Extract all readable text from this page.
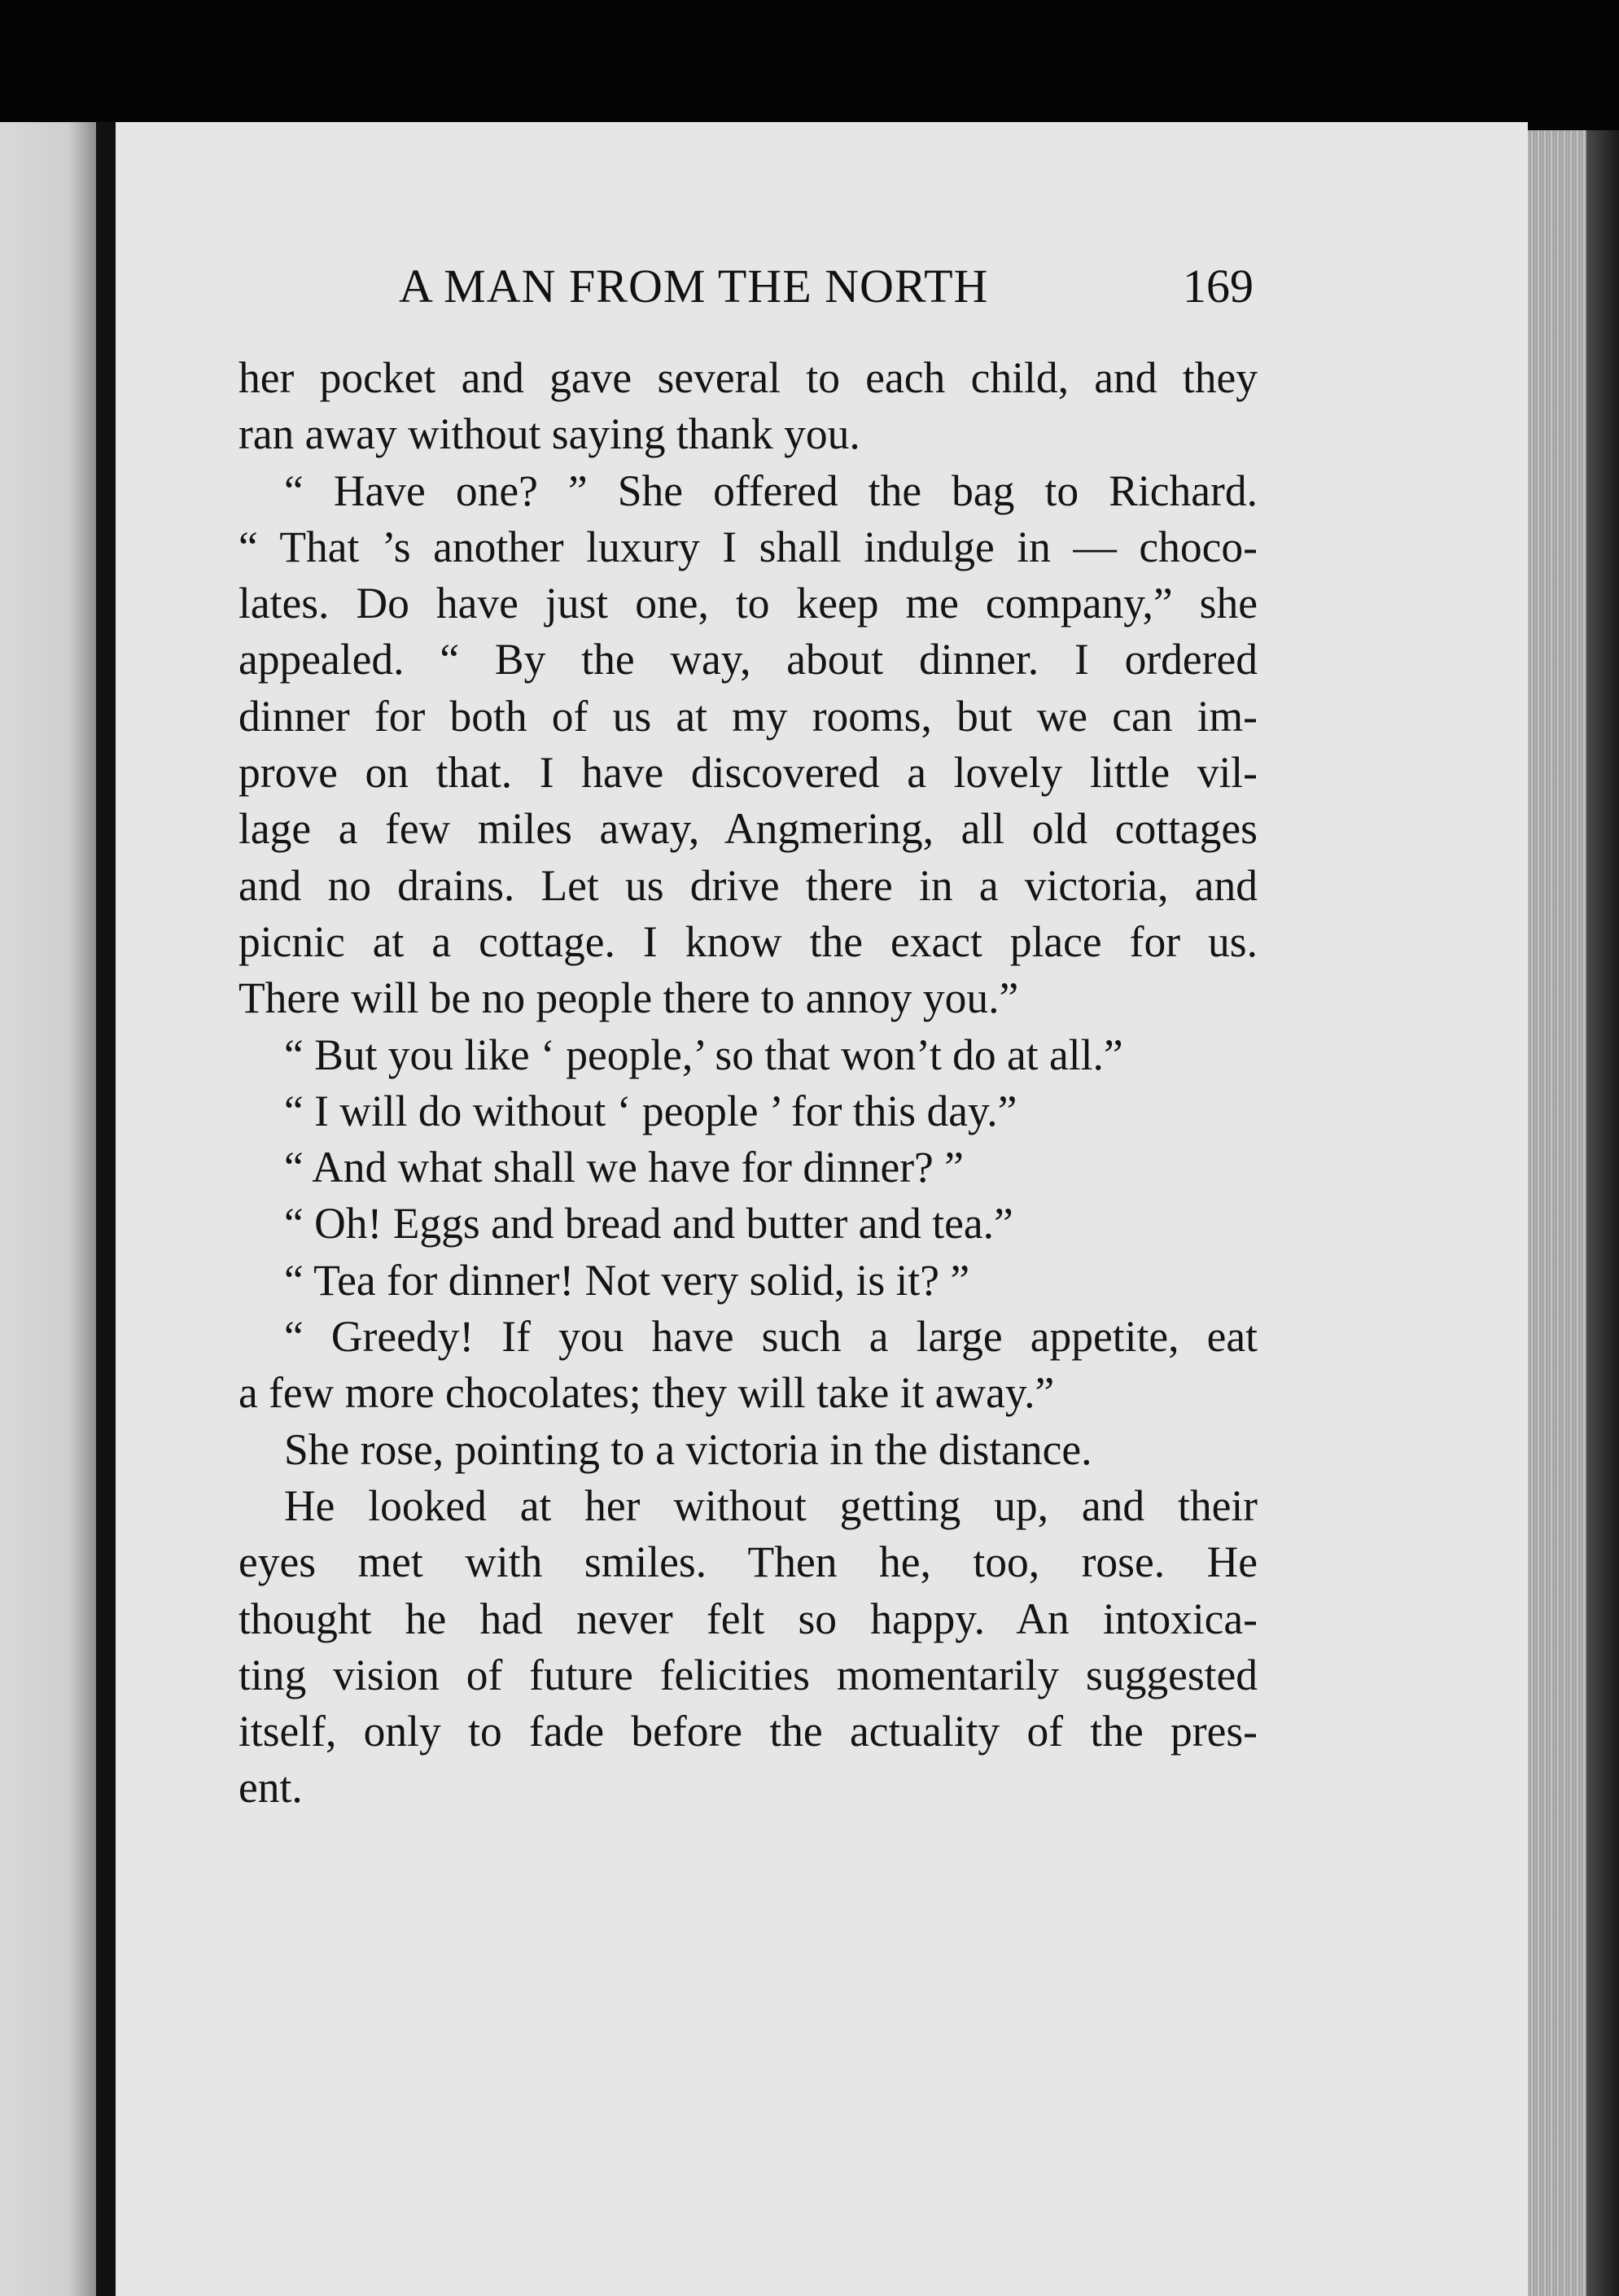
A MAN FROM THE NORTH	169
her pocket and gave several to each child, and they
ran away without saying thank you.
“ Have one? ” She offered the bag to Richard.
“ That ’s another luxury I shall indulge in — choco-
lates. Do have just one, to keep me company,” she
appealed. “ By the way, about dinner. I ordered
dinner for both of us at my rooms, but we can im-
prove on that. I have discovered a lovely little vil-
lage a few miles away, Angmering, all old cottages
and no drains. Let us drive there in a victoria, and
picnic at a cottage. I know the exact place for us.
There will be no people there to annoy you.”
“ But you like ‘ people,’ so that won’t do at all.”
“ I will do without ‘ people ’ for this day.”
“ And what shall we have for dinner? ”
“ Oh! Eggs and bread and butter and tea.”
“ Tea for dinner! Not very solid, is it? ”
“ Greedy! If you have such a large appetite, eat
a few more chocolates; they will take it away.”
She rose, pointing to a victoria in the distance.
He looked at her without getting up, and their
eyes met with smiles. Then he, too, rose. He
thought he had never felt so happy. An intoxica-
ting vision of future felicities momentarily suggested
itself, only to fade before the actuality of the pres-
ent.
